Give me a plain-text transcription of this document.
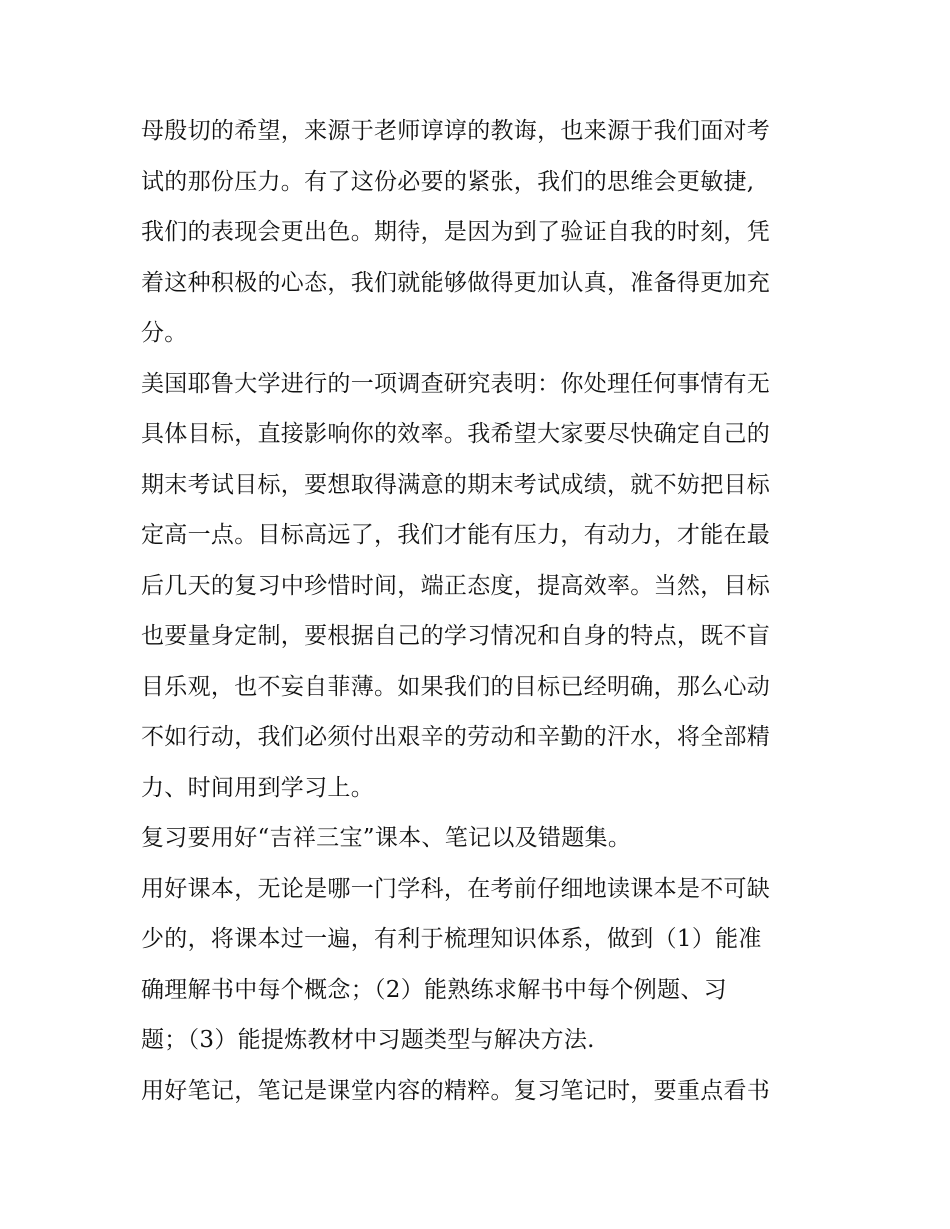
母殷切的希望，来源于老师谆谆的教诲，也来源于我们面对考
试的那份压力。有了这份必要的紧张，我们的思维会更敏捷,
我们的表现会更出色。期待，是因为到了验证自我的时刻，凭
着这种积极的心态，我们就能够做得更加认真，准备得更加充
分。
美国耶鲁大学进行的一项调查研究表明：你处理任何事情有无
具体目标，直接影响你的效率。我希望大家要尽快确定自己的
期末考试目标，要想取得满意的期末考试成绩，就不妨把目标
定高一点。目标高远了，我们才能有压力，有动力，才能在最
后几天的复习中珍惜时间，端正态度，提高效率。当然，目标
也要量身定制，要根据自己的学习情况和自身的特点，既不盲
目乐观，也不妄自菲薄。如果我们的目标已经明确，那么心动
不如行动，我们必须付出艰辛的劳动和辛勤的汗水，将全部精
力、时间用到学习上。
复习要用好“吉祥三宝”课本、笔记以及错题集。
用好课本，无论是哪一门学科，在考前仔细地读课本是不可缺
少的，将课本过一遍，有利于梳理知识体系，做到（1）能准
确理解书中每个概念；（2）能熟练求解书中每个例题、习
题；（3）能提炼教材中习题类型与解决方法.
用好笔记，笔记是课堂内容的精粹。复习笔记时，要重点看书
